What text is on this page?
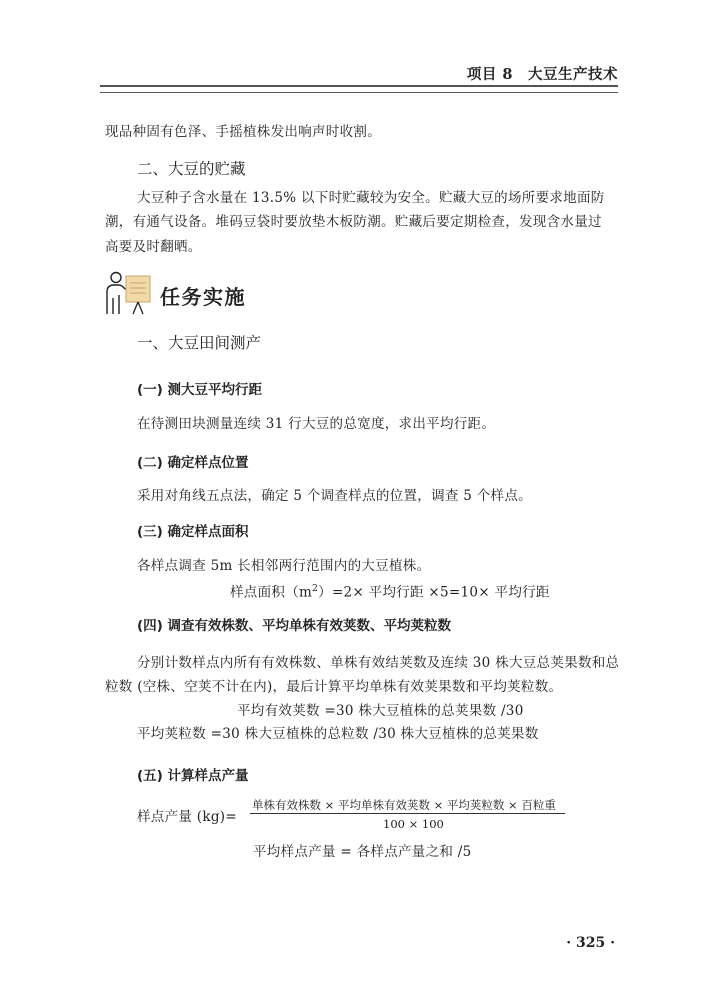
项目 8　大豆生产技术
现品种固有色泽、手摇植株发出响声时收割。
二、大豆的贮藏
大豆种子含水量在 13.5% 以下时贮藏较为安全。贮藏大豆的场所要求地面防
潮，有通气设备。堆码豆袋时要放垫木板防潮。贮藏后要定期检查，发现含水量过
高要及时翻晒。
任务实施
一、大豆田间测产
(一) 测大豆平均行距
在待测田块测量连续 31 行大豆的总宽度，求出平均行距。
(二) 确定样点位置
采用对角线五点法，确定 5 个调查样点的位置，调查 5 个样点。
(三) 确定样点面积
各样点调查 5m 长相邻两行范围内的大豆植株。
样点面积$(m^2)=2\times$ 平均行距 ×5=10× 平均行距
(四) 调查有效株数、平均单株有效荚数、平均荚粒数
分别计数样点内所有有效株数、单株有效结荚数及连续 30 株大豆总荚果数和总
粒数 (空株、空荚不计在内)，最后计算平均单株有效荚果数和平均荚粒数。
平均有效荚数 =30 株大豆植株的总荚果数 /30
平均荚粒数 =30 株大豆植株的总粒数 /30 株大豆植株的总荚果数
(五) 计算样点产量
样点产量 (kg)=
单株有效株数 × 平均单株有效荚数 × 平均荚粒数 × 百粒重
100 × 100
平均样点产量 = 各样点产量之和 /5
· 325 ·
